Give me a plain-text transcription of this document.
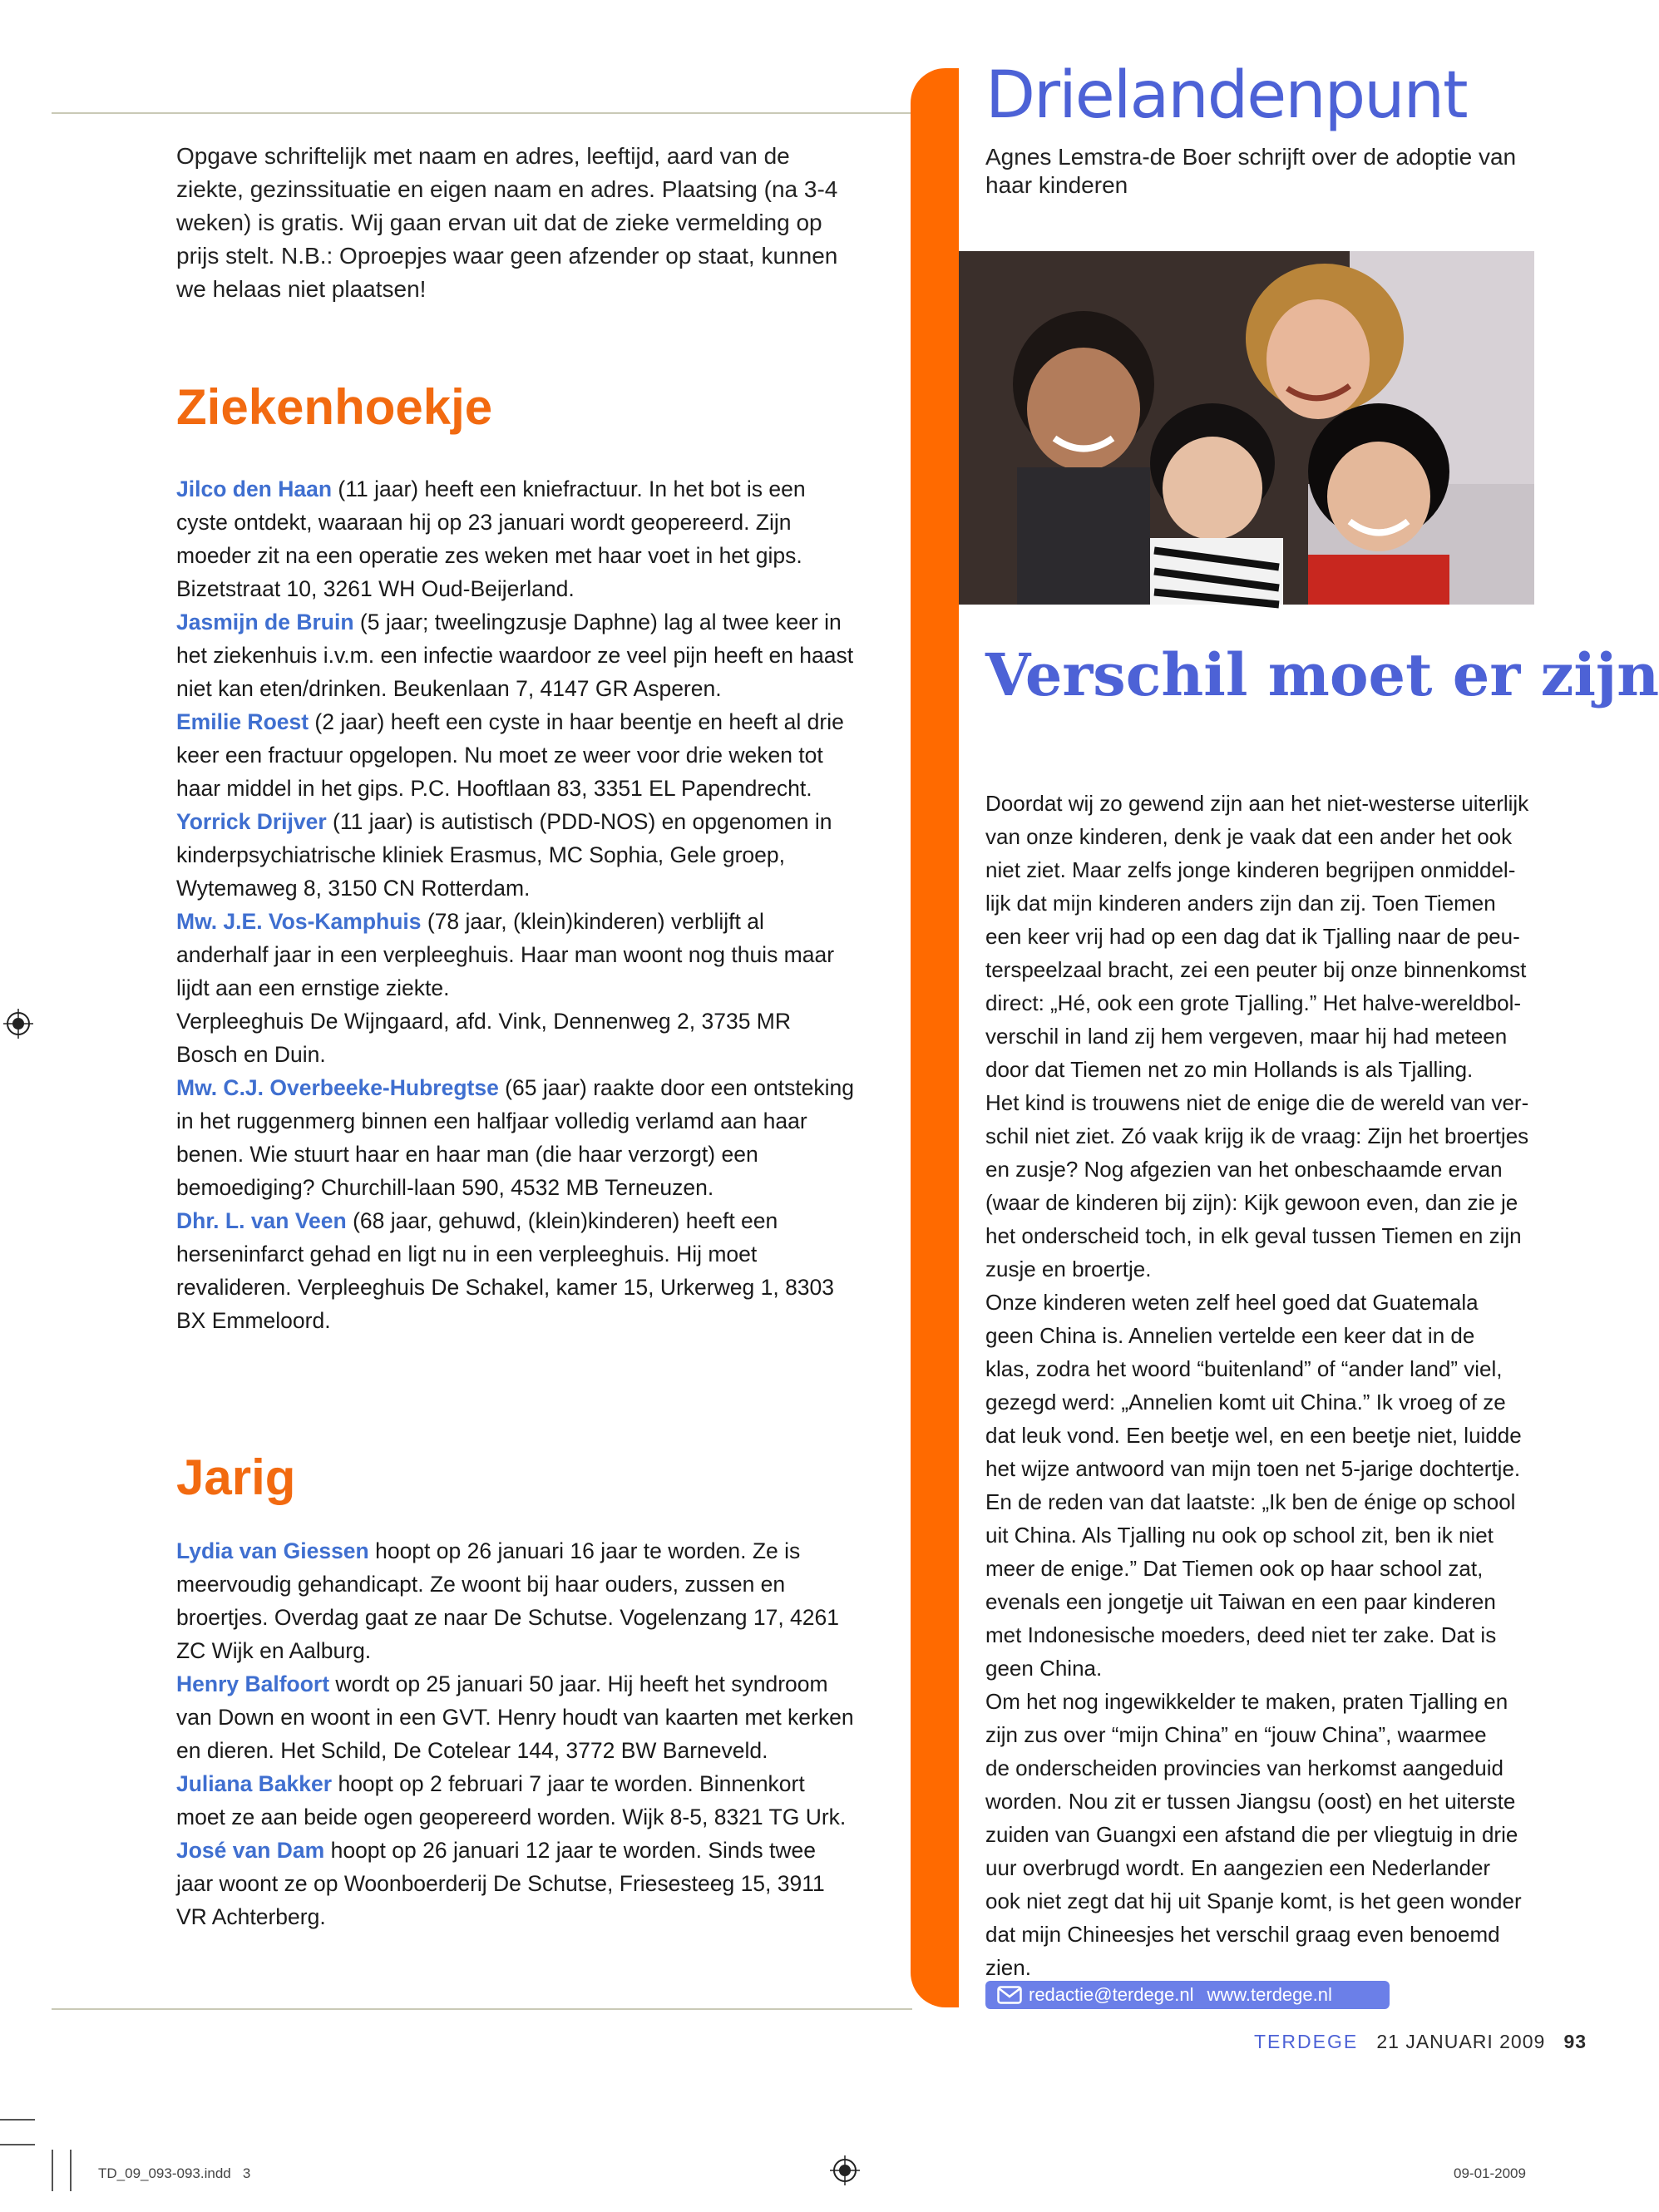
Opgave schriftelijk met naam en adres, leeftijd, aard van de ziekte, gezinssituatie en eigen naam en adres. Plaatsing (na 3-4 weken) is gratis. Wij gaan ervan uit dat de zieke vermelding op prijs stelt. N.B.: Oproepjes waar geen afzender op staat, kunnen we helaas niet plaatsen!
Ziekenhoekje

Jilco den Haan (11 jaar) heeft een kniefractuur. In het bot is een cyste ontdekt, waaraan hij op 23 januari wordt geopereerd. Zijn moeder zit na een operatie zes weken met haar voet in het gips. Bizetstraat 10, 3261 WH Oud-Beijerland.

Jasmijn de Bruin (5 jaar; tweelingzusje Daphne) lag al twee keer in het ziekenhuis i.v.m. een infectie waardoor ze veel pijn heeft en haast niet kan eten/drinken. Beukenlaan 7, 4147 GR Asperen.

Emilie Roest (2 jaar) heeft een cyste in haar beentje en heeft al drie keer een fractuur opgelopen. Nu moet ze weer voor drie weken tot haar middel in het gips. P.C. Hooftlaan 83, 3351 EL Papendrecht.

Yorrick Drijver (11 jaar) is autistisch (PDD-NOS) en opgenomen in kinderpsychiatrische kliniek Erasmus, MC Sophia, Gele groep, Wytemaweg 8, 3150 CN Rotterdam.

Mw. J.E. Vos-Kamphuis (78 jaar, (klein)kinderen) verblijft al anderhalf jaar in een verpleeghuis. Haar man woont nog thuis maar lijdt aan een ernstige ziekte.

Verpleeghuis De Wijngaard, afd. Vink, Dennenweg 2, 3735 MR Bosch en Duin.

Mw. C.J. Overbeeke-Hubregtse (65 jaar) raakte door een ontsteking in het ruggenmerg binnen een halfjaar volledig verlamd aan haar benen. Wie stuurt haar en haar man (die haar verzorgt) een bemoediging? Churchill-laan 590, 4532 MB Terneuzen.

Dhr. L. van Veen (68 jaar, gehuwd, (klein)kinderen) heeft een herseninfarct gehad en ligt nu in een verpleeghuis. Hij moet revalideren. Verpleeghuis De Schakel, kamer 15, Urkerweg 1, 8303 BX Emmeloord.

Jarig

Lydia van Giessen hoopt op 26 januari 16 jaar te worden. Ze is meervoudig gehandicapt. Ze woont bij haar ouders, zussen en broertjes. Overdag gaat ze naar De Schutse. Vogelenzang 17, 4261 ZC Wijk en Aalburg.

Henry Balfoort wordt op 25 januari 50 jaar. Hij heeft het syndroom van Down en woont in een GVT. Henry houdt van kaarten met kerken en dieren. Het Schild, De Cotelear 144, 3772 BW Barneveld.

Juliana Bakker hoopt op 2 februari 7 jaar te worden. Binnenkort moet ze aan beide ogen geopereerd worden. Wijk 8-5, 8321 TG Urk.

José van Dam hoopt op 26 januari 12 jaar te worden. Sinds twee jaar woont ze op Woonboerderij De Schutse, Friesesteeg 15, 3911 VR Achterberg.

Drielandenpunt
Agnes Lemstra-de Boer schrijft over de adoptie van haar kinderen
Verschil moet er zijn

Doordat wij zo gewend zijn aan het niet-westerse uiterlijk

van onze kinderen, denk je vaak dat een ander het ook

niet ziet. Maar zelfs jonge kinderen begrijpen onmiddel-

lijk dat mijn kinderen anders zijn dan zij. Toen Tiemen

een keer vrij had op een dag dat ik Tjalling naar de peu-

terspeelzaal bracht, zei een peuter bij onze binnenkomst

direct: „Hé, ook een grote Tjalling.” Het halve-wereldbol-

verschil in land zij hem vergeven, maar hij had meteen

door dat Tiemen net zo min Hollands is als Tjalling.

Het kind is trouwens niet de enige die de wereld van ver-

schil niet ziet. Zó vaak krijg ik de vraag: Zijn het broertjes

en zusje? Nog afgezien van het onbeschaamde ervan

(waar de kinderen bij zijn): Kijk gewoon even, dan zie je

het onderscheid toch, in elk geval tussen Tiemen en zijn

zusje en broertje.

Onze kinderen weten zelf heel goed dat Guatemala

geen China is. Annelien vertelde een keer dat in de

klas, zodra het woord “buitenland” of “ander land” viel,

gezegd werd: „Annelien komt uit China.” Ik vroeg of ze

dat leuk vond. Een beetje wel, en een beetje niet, luidde

het wijze antwoord van mijn toen net 5-jarige dochtertje.

En de reden van dat laatste: „Ik ben de énige op school

uit China. Als Tjalling nu ook op school zit, ben ik niet

meer de enige.” Dat Tiemen ook op haar school zat,

evenals een jongetje uit Taiwan en een paar kinderen

met Indonesische moeders, deed niet ter zake. Dat is

geen China.

Om het nog ingewikkelder te maken, praten Tjalling en

zijn zus over “mijn China” en “jouw China”, waarmee

de onderscheiden provincies van herkomst aangeduid

worden. Nou zit er tussen Jiangsu (oost) en het uiterste

zuiden van Guangxi een afstand die per vliegtuig in drie

uur overbrugd wordt. En aangezien een Nederlander

ook niet zegt dat hij uit Spanje komt, is het geen wonder

dat mijn Chineesjes het verschil graag even benoemd

zien.

redactie@terdege.nl www.terdege.nl
TERDEGE 21 JANUARI 2009 93
TD_09_093-093.indd   3	09-01-2009
